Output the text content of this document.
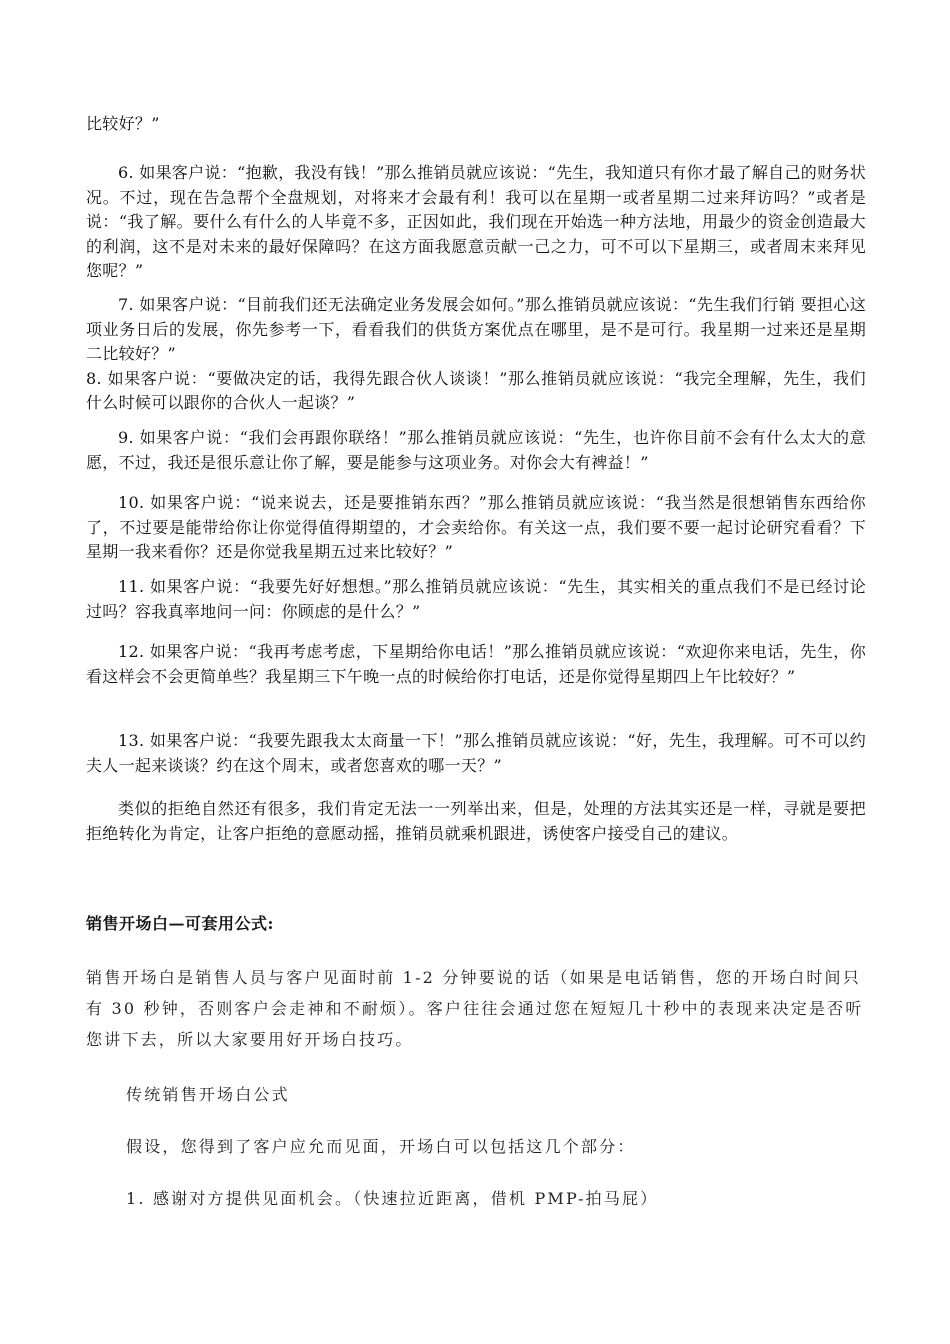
比较好？”

6. 如果客户说：“抱歉，我没有钱！”那么推销员就应该说：“先生，我知道只有你才最了解自己的财务状况。不过，现在告急帮个全盘规划，对将来才会最有利！我可以在星期一或者星期二过来拜访吗？”或者是说：“我了解。要什么有什么的人毕竟不多，正因如此，我们现在开始选一种方法地，用最少的资金创造最大的利润，这不是对未来的最好保障吗？在这方面我愿意贡献一己之力，可不可以下星期三，或者周末来拜见您呢？”

7. 如果客户说：“目前我们还无法确定业务发展会如何。”那么推销员就应该说：“先生我们行销 要担心这项业务日后的发展，你先参考一下，看看我们的供货方案优点在哪里，是不是可行。我星期一过来还是星期二比较好？”

8. 如果客户说：“要做决定的话，我得先跟合伙人谈谈！”那么推销员就应该说：“我完全理解，先生，我们什么时候可以跟你的合伙人一起谈？”

9. 如果客户说：“我们会再跟你联络！”那么推销员就应该说：“先生，也许你目前不会有什么太大的意愿，不过，我还是很乐意让你了解，要是能参与这项业务。对你会大有裨益！”

10. 如果客户说：“说来说去，还是要推销东西？”那么推销员就应该说：“我当然是很想销售东西给你了，不过要是能带给你让你觉得值得期望的，才会卖给你。有关这一点，我们要不要一起讨论研究看看？下星期一我来看你？还是你觉我星期五过来比较好？”

11. 如果客户说：“我要先好好想想。”那么推销员就应该说：“先生，其实相关的重点我们不是已经讨论过吗？容我真率地问一问：你顾虑的是什么？”

12. 如果客户说：“我再考虑考虑，下星期给你电话！”那么推销员就应该说：“欢迎你来电话，先生，你看这样会不会更简单些？我星期三下午晚一点的时候给你打电话，还是你觉得星期四上午比较好？”

13. 如果客户说：“我要先跟我太太商量一下！”那么推销员就应该说：“好，先生，我理解。可不可以约夫人一起来谈谈？约在这个周末，或者您喜欢的哪一天？”

类似的拒绝自然还有很多，我们肯定无法一一列举出来，但是，处理的方法其实还是一样，寻就是要把拒绝转化为肯定，让客户拒绝的意愿动摇，推销员就乘机跟进，诱使客户接受自己的建议。

销售开场白—可套用公式:

销售开场白是销售人员与客户见面时前 1-2 分钟要说的话（如果是电话销售，您的开场白时间只有 30 秒钟，否则客户会走神和不耐烦）。客户往往会通过您在短短几十秒中的表现来决定是否听您讲下去，所以大家要用好开场白技巧。

传统销售开场白公式
假设，您得到了客户应允而见面，开场白可以包括这几个部分：
1. 感谢对方提供见面机会。（快速拉近距离，借机 PMP-拍马屁）
